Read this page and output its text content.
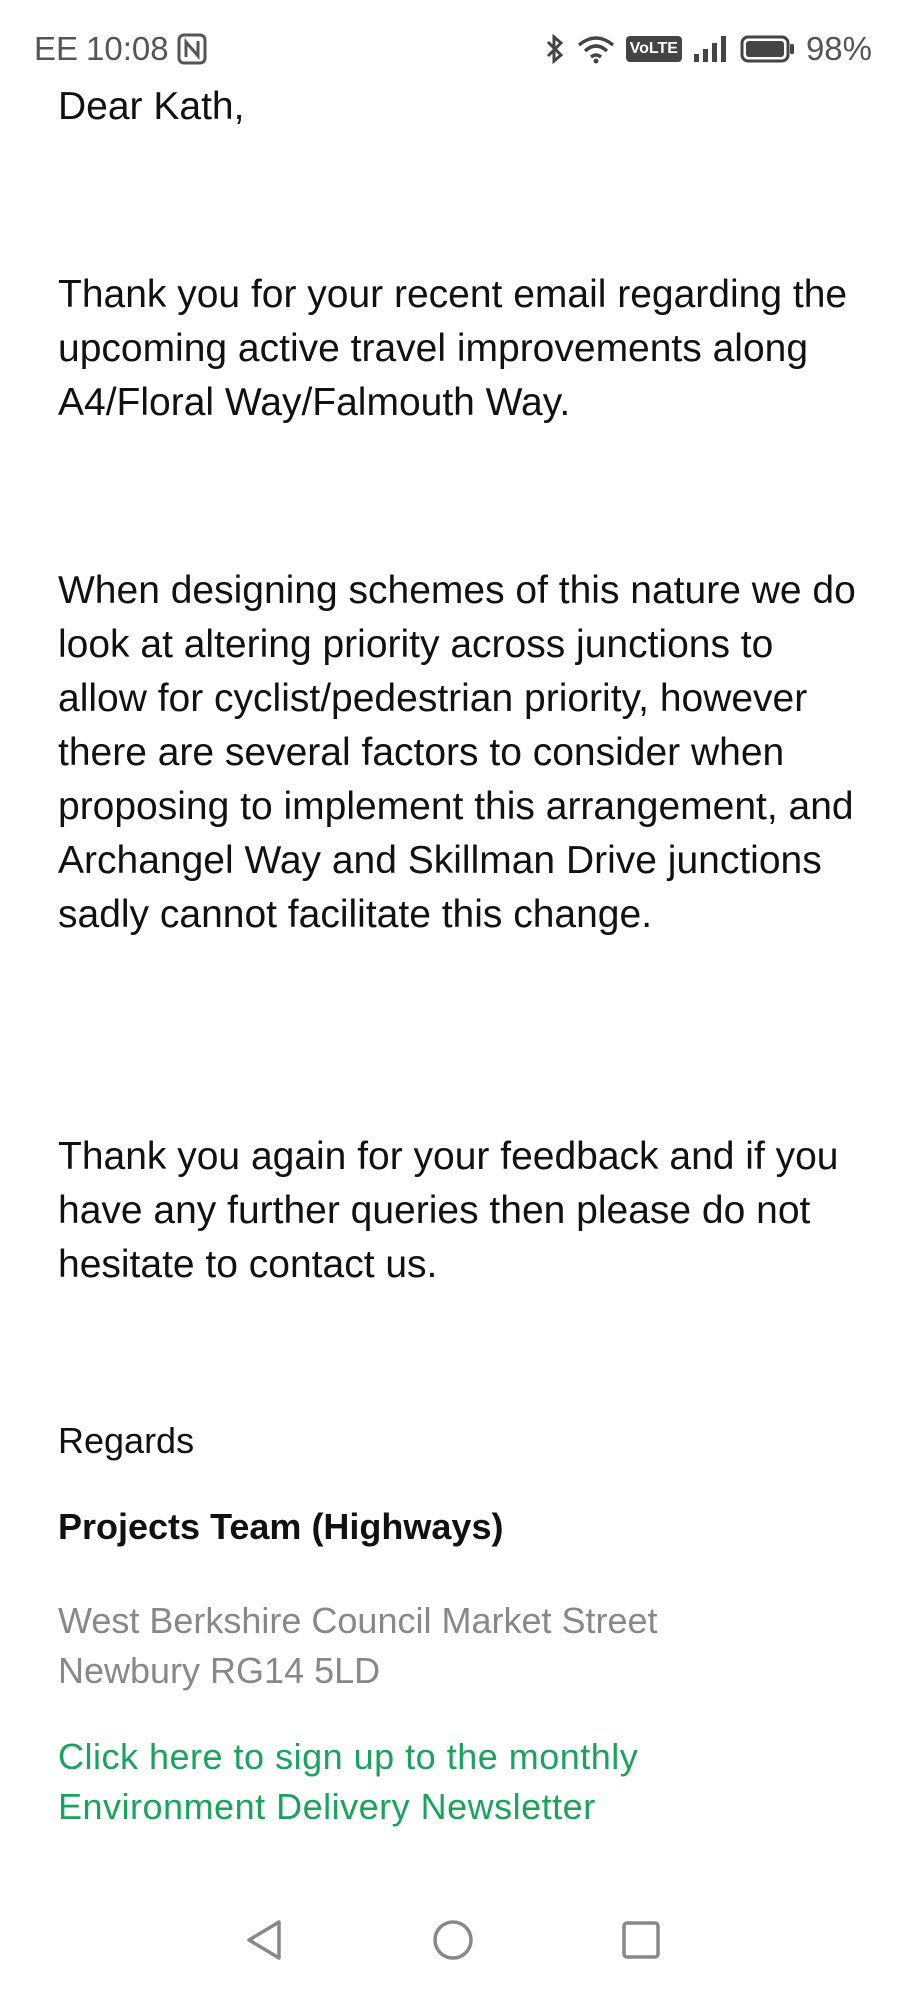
EE 10:08	VoLTE	98%

Dear Kath,

Thank you for your recent email regarding the upcoming active travel improvements along A4/Floral Way/Falmouth Way.

When designing schemes of this nature we do look at altering priority across junctions to allow for cyclist/pedestrian priority, however there are several factors to consider when proposing to implement this arrangement, and Archangel Way and Skillman Drive junctions sadly cannot facilitate this change.

Thank you again for your feedback and if you have any further queries then please do not hesitate to contact us.

Regards
Projects Team (Highways)
West Berkshire Council Market Street Newbury RG14 5LD
Click here to sign up to the monthly Environment Delivery Newsletter
